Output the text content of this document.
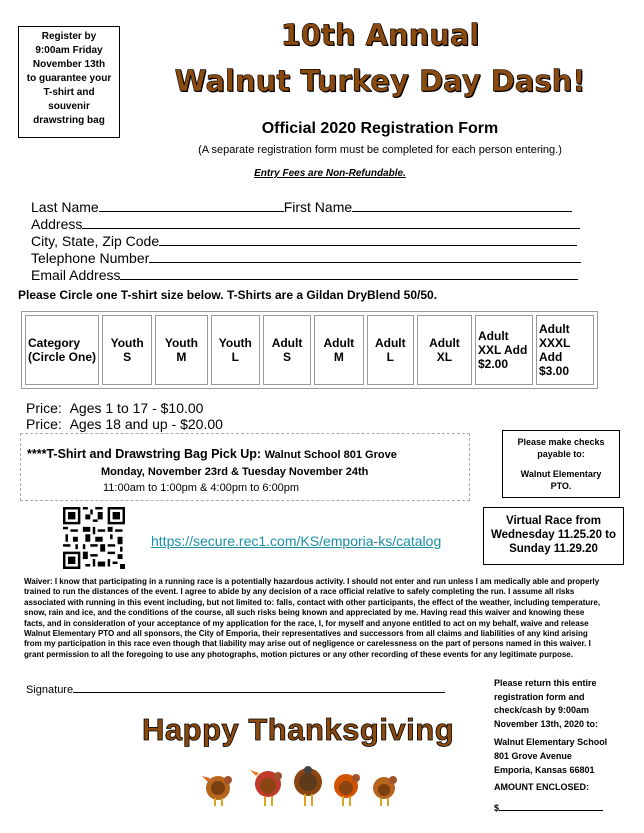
Register by
9:00am Friday
November 13th
to guarantee your
T-shirt and
souvenir
drawstring bag
10th Annual
Walnut Turkey Day Dash!
Official 2020 Registration Form
(A separate registration form must be completed for each person entering.)
Entry Fees are Non-Refundable.
Last Name	First Name
Address
City, State, Zip Code
Telephone Number
Email Address
Please Circle one T-shirt size below. T-Shirts are a Gildan DryBlend 50/50.
Category (Circle One)	Youth S	Youth M	Youth L	Adult S	Adult M	Adult L	Adult XL	Adult XXL Add $2.00	Adult XXXL Add $3.00
Price: Ages 1 to 17 - $10.00
Price: Ages 18 and up - $20.00
****T-Shirt and Drawstring Bag Pick Up: Walnut School 801 Grove
Monday, November 23rd & Tuesday November 24th
11:00am to 1:00pm & 4:00pm to 6:00pm
Please make checks payable to:
Walnut Elementary PTO.
https://secure.rec1.com/KS/emporia-ks/catalog
Virtual Race from
Wednesday 11.25.20 to
Sunday 11.29.20
Waiver: I know that participating in a running race is a potentially hazardous activity. I should not enter and run unless I am medically able and properly trained to run the distances of the event. I agree to abide by any decision of a race official relative to safely completing the run. I assume all risks associated with running in this event including, but not limited to: falls, contact with other participants, the effect of the weather, including temperature, snow, rain and ice, and the conditions of the course, all such risks being known and appreciated by me. Having read this waiver and knowing these facts, and in consideration of your acceptance of my application for the race, I, for myself and anyone entitled to act on my behalf, waive and release Walnut Elementary PTO and all sponsors, the City of Emporia, their representatives and successors from all claims and liabilities of any kind arising from my participation in this race even though that liability may arise out of negligence or carelessness on the part of persons named in this waiver. I grant permission to all the foregoing to use any photographs, motion pictures or any other recording of these events for any legitimate purpose.
Signature
Please return this entire
registration form and
check/cash by 9:00am
November 13th, 2020 to:
Walnut Elementary School
801 Grove Avenue
Emporia, Kansas 66801
AMOUNT ENCLOSED:
$
Happy Thanksgiving
